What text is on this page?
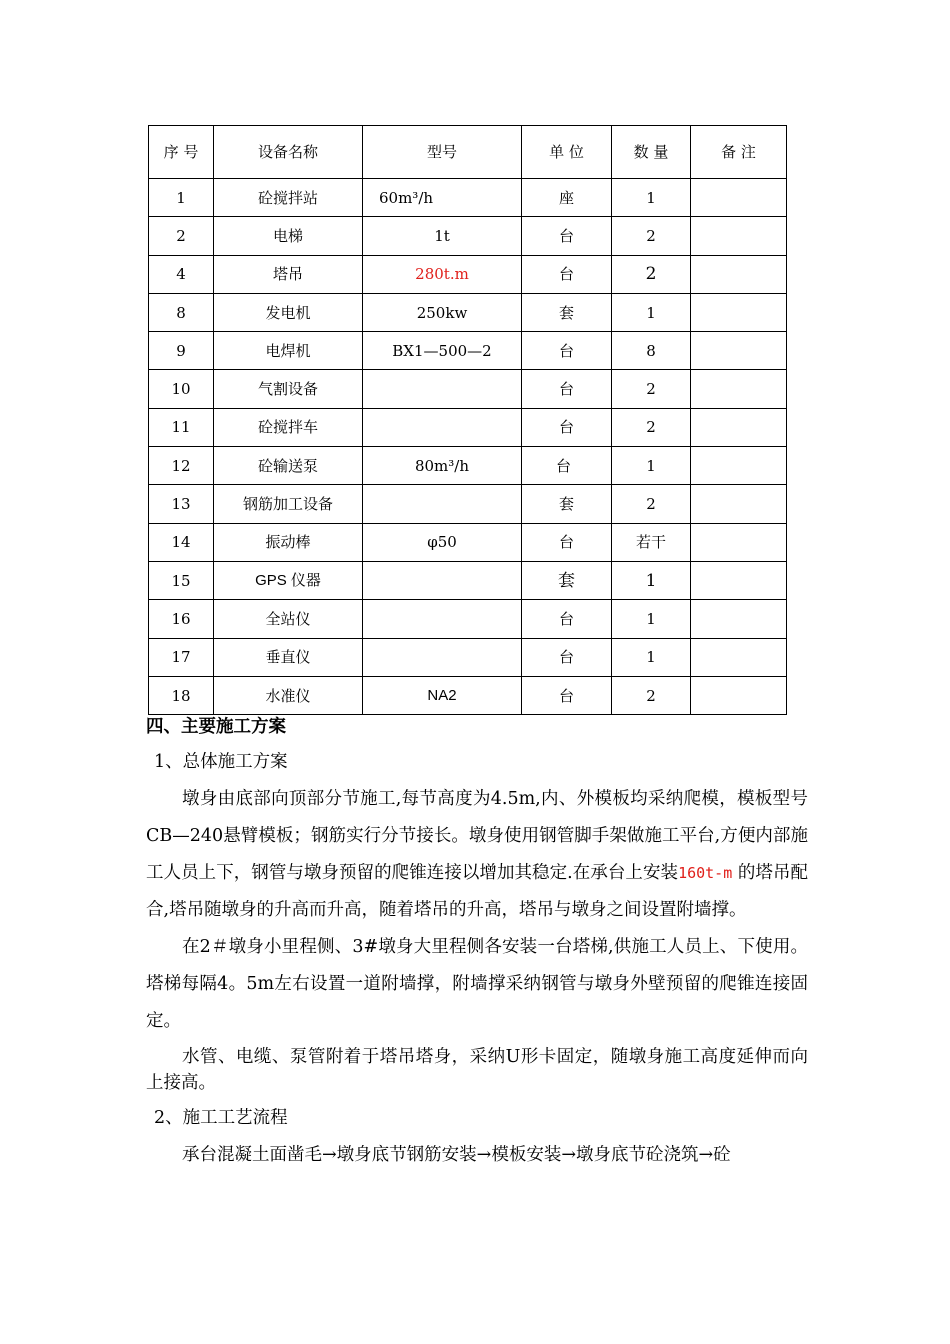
序 号	设备名称	型号	单 位	数 量	备 注
1	砼搅拌站	60m³/h	座	1	
2	电梯	1t	台	2	
4	塔吊	280t.m	台	2	
8	发电机	250kw	套	1	
9	电焊机	BX1—500—2	台	8	
10	气割设备		台	2	
11	砼搅拌车		台	2	
12	砼输送泵	80m³/h	台	1	
13	钢筋加工设备		套	2	
14	振动棒	φ50	台	若干	
15	GPS 仪器		套	1	
16	全站仪		台	1	
17	垂直仪		台	1	
18	水准仪	NA2	台	2	

四、主要施工方案

1、总体施工方案

墩身由底部向顶部分节施工,每节高度为4.5m,内、外模板均采纳爬模，模板型号CB—240悬臂模板；钢筋实行分节接长。墩身使用钢管脚手架做施工平台,方便内部施工人员上下，钢管与墩身预留的爬锥连接以增加其稳定.在承台上安装160t-m 的塔吊配合,塔吊随墩身的升高而升高，随着塔吊的升高，塔吊与墩身之间设置附墙撑。

在2＃墩身小里程侧、3#墩身大里程侧各安装一台塔梯,供施工人员上、下使用。塔梯每隔4。5m左右设置一道附墙撑，附墙撑采纳钢管与墩身外壁预留的爬锥连接固定。

水管、电缆、泵管附着于塔吊塔身，采纳U形卡固定，随墩身施工高度延伸而向上接高。

2、施工工艺流程

承台混凝土面凿毛→墩身底节钢筋安装→模板安装→墩身底节砼浇筑→砼
